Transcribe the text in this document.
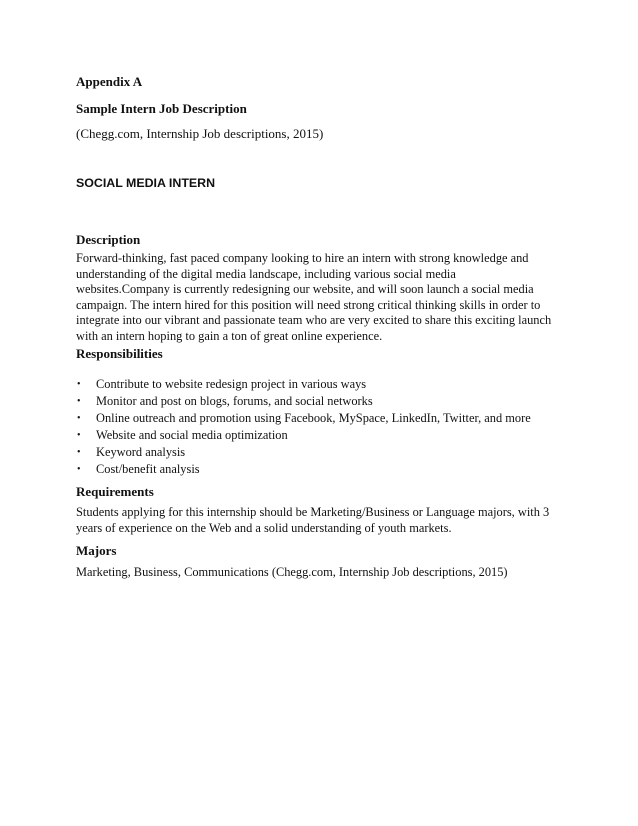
Appendix A
Sample Intern Job Description
(Chegg.com, Internship Job descriptions, 2015)
SOCIAL MEDIA INTERN
Description
Forward-thinking, fast paced company looking to hire an intern with strong knowledge and
understanding of the digital media landscape, including various social media
websites.Company is currently redesigning our website, and will soon launch a social media
campaign. The intern hired for this position will need strong critical thinking skills in order to
integrate into our vibrant and passionate team who are very excited to share this exciting launch
with an intern hoping to gain a ton of great online experience.
Responsibilities
• Contribute to website redesign project in various ways
• Monitor and post on blogs, forums, and social networks
• Online outreach and promotion using Facebook, MySpace, LinkedIn, Twitter, and more
• Website and social media optimization
• Keyword analysis
• Cost/benefit analysis
Requirements
Students applying for this internship should be Marketing/Business or Language majors, with 3
years of experience on the Web and a solid understanding of youth markets.
Majors
Marketing, Business, Communications (Chegg.com, Internship Job descriptions, 2015)
